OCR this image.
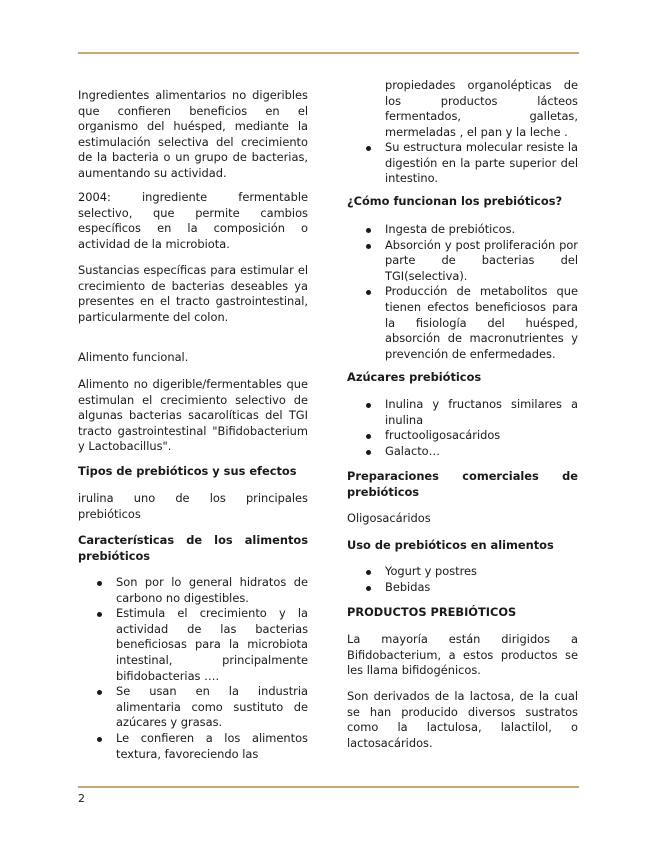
Ingredientes alimentarios no digeribles que confieren beneficios en el organismo del huésped, mediante la estimulación selectiva del crecimiento de la bacteria o un grupo de bacterias, aumentando su actividad.

2004: ingrediente fermentable selectivo, que permite cambios específicos en la composición o actividad de la microbiota.

Sustancias específicas para estimular el crecimiento de bacterias deseables ya presentes en el tracto gastrointestinal, particularmente del colon.

Alimento funcional.

Alimento no digerible/fermentables que estimulan el crecimiento selectivo de algunas bacterias sacarolíticas del TGI tracto gastrointestinal "Bifidobacterium y Lactobacillus".

Tipos de prebióticos y sus efectos

irulina uno de los principales prebióticos

Características de los alimentos prebióticos

Son por lo general hidratos de carbono no digestibles.
Estimula el crecimiento y la actividad de las bacterias beneficiosas para la microbiota intestinal, principalmente bifidobacterias ….
Se usan en la industria alimentaria como sustituto de azúcares y grasas.
Le confieren a los alimentos textura, favoreciendo las

propiedades organolépticas de los productos lácteos fermentados, galletas, mermeladas , el pan y la leche .

Su estructura molecular resiste la digestión en la parte superior del intestino.

¿Cómo funcionan los prebióticos?

Ingesta de prebióticos.
Absorción y post proliferación por parte de bacterias del TGI(selectiva).
Producción de metabolitos que tienen efectos beneficiosos para la fisiología del huésped, absorción de macronutrientes y prevención de enfermedades.

Azúcares prebióticos

Inulina y fructanos similares a inulina
fructooligosacáridos
Galacto…

Preparaciones comerciales de prebióticos

Oligosacáridos

Uso de prebióticos en alimentos

Yogurt y postres
Bebidas

PRODUCTOS PREBIÓTICOS

La mayoría están dirigidos a Bifidobacterium, a estos productos se les llama bifidogénicos.

Son derivados de la lactosa, de la cual se han producido diversos sustratos como la lactulosa, lalactilol, o lactosacáridos.

2
